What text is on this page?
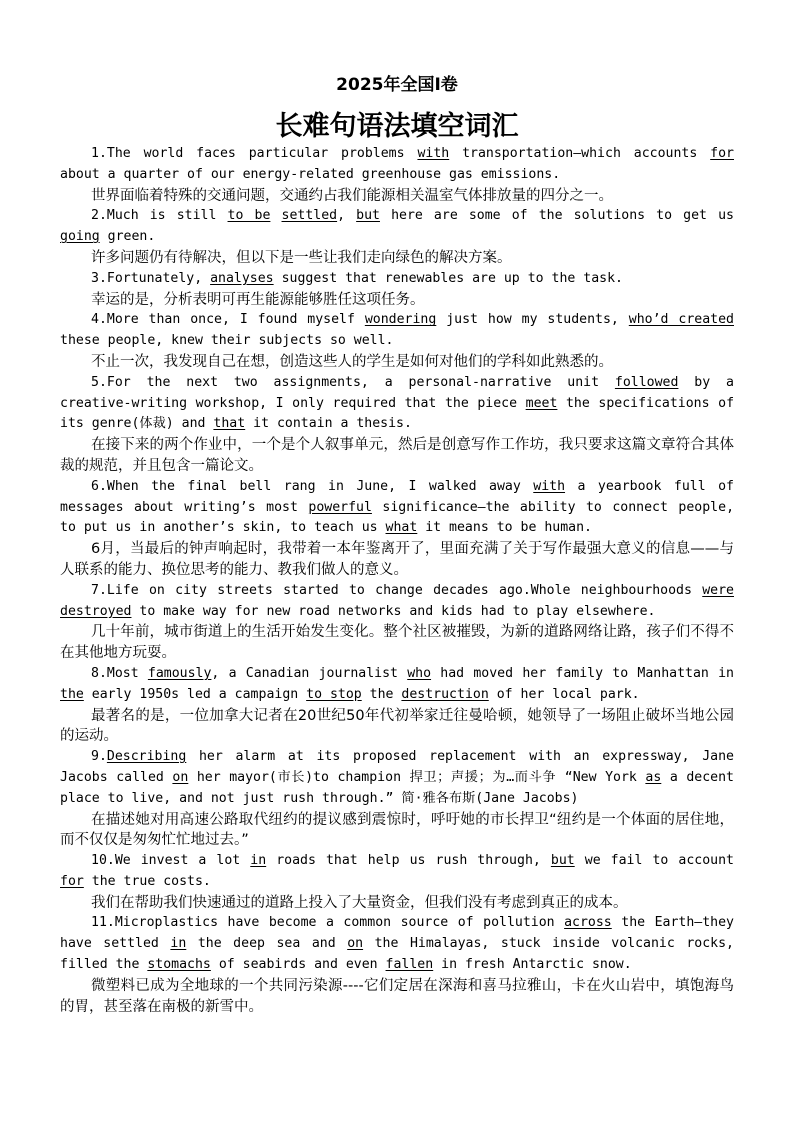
2025年全国Ⅰ卷
长难句语法填空词汇

1.The world faces particular problems with transportation—which accounts for about a quarter of our energy-related greenhouse gas emissions.

世界面临着特殊的交通问题，交通约占我们能源相关温室气体排放量的四分之一。

2.Much is still to be settled, but here are some of the solutions to get us going green.

许多问题仍有待解决，但以下是一些让我们走向绿色的解决方案。

3.Fortunately, analyses suggest that renewables are up to the task.

幸运的是，分析表明可再生能源能够胜任这项任务。

4.More than once, I found myself wondering just how my students, who’d created these people, knew their subjects so well.

不止一次，我发现自己在想，创造这些人的学生是如何对他们的学科如此熟悉的。

5.For the next two assignments, a personal-narrative unit followed by a creative-writing workshop, I only required that the piece meet the specifications of its genre(体裁) and that it contain a thesis.

在接下来的两个作业中，一个是个人叙事单元，然后是创意写作工作坊，我只要求这篇文章符合其体裁的规范，并且包含一篇论文。

6.When the final bell rang in June, I walked away with a yearbook full of messages about writing’s most powerful significance—the ability to connect people, to put us in another’s skin, to teach us what it means to be human.

6月，当最后的钟声响起时，我带着一本年鉴离开了，里面充满了关于写作最强大意义的信息——与人联系的能力、换位思考的能力、教我们做人的意义。

7.Life on city streets started to change decades ago.Whole neighbourhoods were destroyed to make way for new road networks and kids had to play elsewhere.

几十年前，城市街道上的生活开始发生变化。整个社区被摧毁，为新的道路网络让路，孩子们不得不在其他地方玩耍。

8.Most famously, a Canadian journalist who had moved her family to Manhattan in the early 1950s led a campaign to stop the destruction of her local park.

最著名的是，一位加拿大记者在20世纪50年代初举家迁往曼哈顿，她领导了一场阻止破坏当地公园的运动。

9.Describing her alarm at its proposed replacement with an expressway, Jane Jacobs called on her mayor(市长)to champion 捍卫；声援；为…而斗争 “New York as a decent place to live, and not just rush through.” 简·雅各布斯(Jane Jacobs)

在描述她对用高速公路取代纽约的提议感到震惊时，呼吁她的市长捍卫“纽约是一个体面的居住地，而不仅仅是匆匆忙忙地过去。”

10.We invest a lot in roads that help us rush through, but we fail to account for the true costs.

我们在帮助我们快速通过的道路上投入了大量资金，但我们没有考虑到真正的成本。

11.Microplastics have become a common source of pollution across the Earth—they have settled in the deep sea and on the Himalayas, stuck inside volcanic rocks, filled the stomachs of seabirds and even fallen in fresh Antarctic snow.

微塑料已成为全地球的一个共同污染源----它们定居在深海和喜马拉雅山，卡在火山岩中，填饱海鸟的胃，甚至落在南极的新雪中。
